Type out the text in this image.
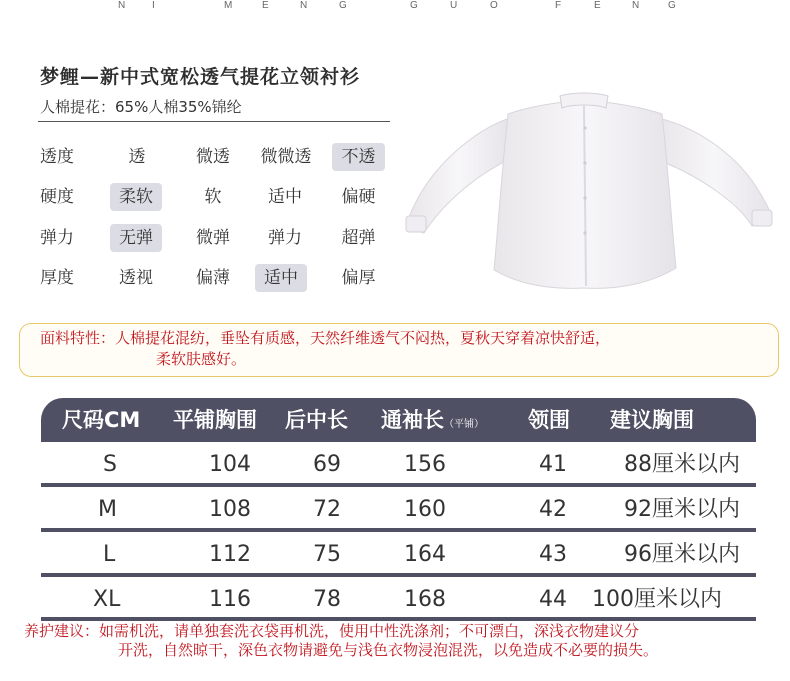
N	I	M	E	N	G	G	U	O	F	E	N	G
梦鲤—新中式宽松透气提花立领衬衫
人棉提花：65%人棉35%锦纶
透度	透	微透	微微透	不透
硬度	柔软	软	适中	偏硬
弹力	无弹	微弹	弹力	超弹
厚度	透视	偏薄	适中	偏厚
面料特性：人棉提花混纺，垂坠有质感，天然纤维透气不闷热，夏秋天穿着凉快舒适，
柔软肤感好。
尺码CM 平铺胸围 后中长 通袖长（平铺） 领围 建议胸围
S	104	69	156	41	88厘米以内
M	108	72	160	42	92厘米以内
L	112	75	164	43	96厘米以内
XL	116	78	168	44 100厘米以内
养护建议：如需机洗，请单独套洗衣袋再机洗，使用中性洗涤剂；不可漂白，深浅衣物建议分
开洗，自然晾干，深色衣物请避免与浅色衣物浸泡混洗，以免造成不必要的损失。
